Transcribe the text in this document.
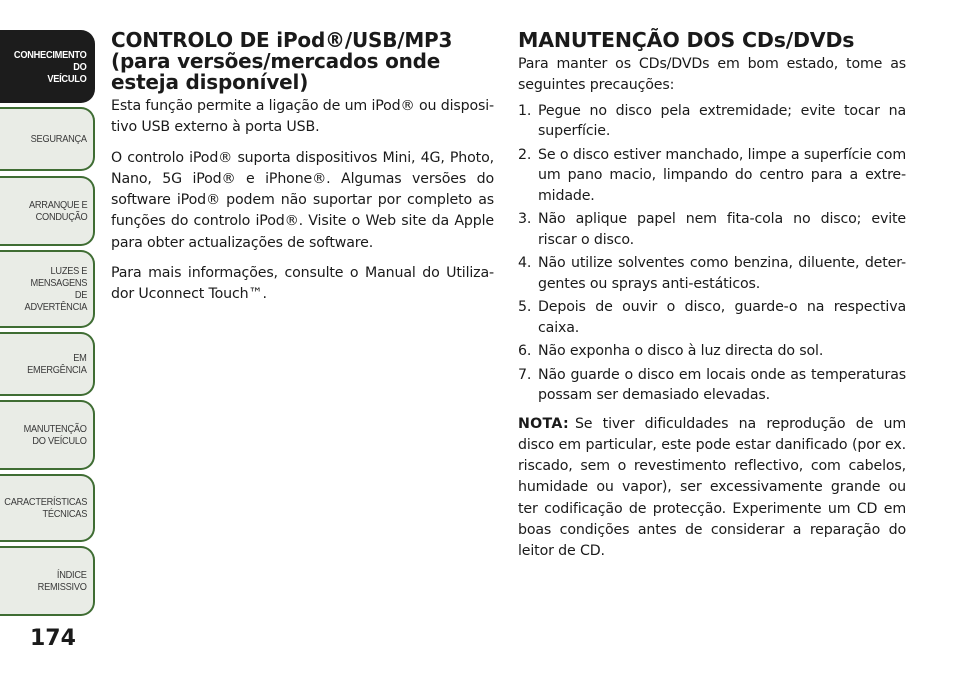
CONHECIMENTO
DO
VEÍCULO
SEGURANÇA
ARRANQUE E
CONDUÇÃO
LUZES E
MENSAGENS
DE
ADVERTÊNCIA
EM
EMERGÊNCIA
MANUTENÇÃO
DO VEÍCULO
CARACTERÍSTICAS
TÉCNICAS
ÍNDICE
REMISSIVO
174
CONTROLO DE iPod®/USB/MP3 (para versões/mercados onde esteja disponível)

Esta função permite a ligação de um iPod® ou disposi-tivo USB externo à porta USB.

O controlo iPod® suporta dispositivos Mini, 4G, Photo, Nano, 5G iPod® e iPhone®. Algumas versões do software iPod® podem não suportar por completo as funções do controlo iPod®. Visite o Web site da Apple para obter actualizações de software.

Para mais informações, consulte o Manual do Utiliza-dor Uconnect Touch™.

MANUTENÇÃO DOS CDs/DVDs

Para manter os CDs/DVDs em bom estado, tome as seguintes precauções:

1. Pegue no disco pela extremidade; evite tocar na superfície.
2. Se o disco estiver manchado, limpe a superfície com um pano macio, limpando do centro para a extre-midade.
3. Não aplique papel nem fita-cola no disco; evite riscar o disco.
4. Não utilize solventes como benzina, diluente, deter-gentes ou sprays anti-estáticos.
5. Depois de ouvir o disco, guarde-o na respectiva caixa.
6. Não exponha o disco à luz directa do sol.
7. Não guarde o disco em locais onde as temperaturas possam ser demasiado elevadas.

NOTA: Se tiver dificuldades na reprodução de um disco em particular, este pode estar danificado (por ex. riscado, sem o revestimento reflectivo, com cabelos, humidade ou vapor), ser excessivamente grande ou ter codificação de protecção. Experimente um CD em boas condições antes de considerar a reparação do leitor de CD.
